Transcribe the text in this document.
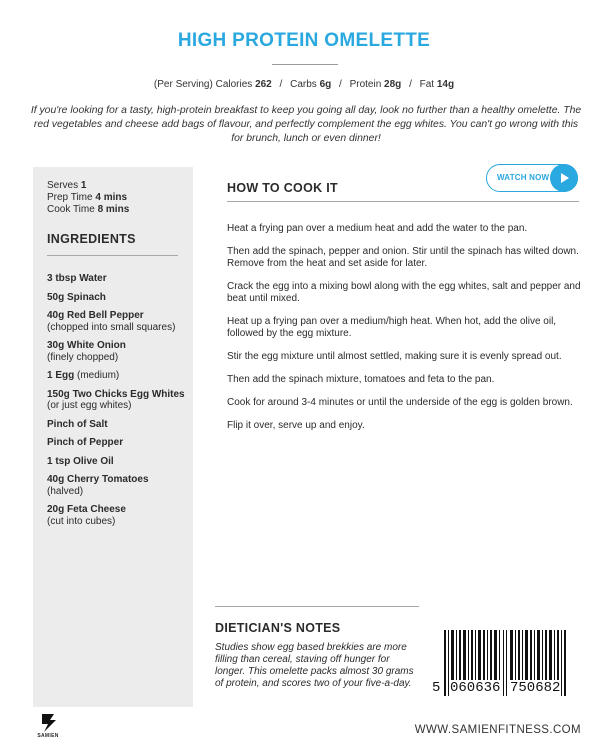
HIGH PROTEIN OMELETTE
(Per Serving) Calories 262 / Carbs 6g / Protein 28g / Fat 14g
If you're looking for a tasty, high-protein breakfast to keep you going all day, look no further than a healthy omelette. The red vegetables and cheese add bags of flavour, and perfectly complement the egg whites. You can't go wrong with this for brunch, lunch or even dinner!
Serves 1
Prep Time 4 mins
Cook Time 8 mins
INGREDIENTS
3 tbsp Water
50g Spinach
40g Red Bell Pepper
(chopped into small squares)
30g White Onion
(finely chopped)
1 Egg (medium)
150g Two Chicks Egg Whites
(or just egg whites)
Pinch of Salt
Pinch of Pepper
1 tsp Olive Oil
40g Cherry Tomatoes
(halved)
20g Feta Cheese
(cut into cubes)
HOW TO COOK IT
WATCH NOW

Heat a frying pan over a medium heat and add the water to the pan.

Then add the spinach, pepper and onion. Stir until the spinach has wilted down. Remove from the heat and set aside for later.

Crack the egg into a mixing bowl along with the egg whites, salt and pepper and beat until mixed.

Heat up a frying pan over a medium/high heat. When hot, add the olive oil, followed by the egg mixture.

Stir the egg mixture until almost settled, making sure it is evenly spread out.

Then add the spinach mixture, tomatoes and feta to the pan.

Cook for around 3-4 minutes or until the underside of the egg is golden brown.

Flip it over, serve up and enjoy.

DIETICIAN'S NOTES
Studies show egg based brekkies are more filling than cereal, staving off hunger for longer. This omelette packs almost 30 grams of protein, and scores two of your five-a-day. 5 060636 750682
SAMIEN	WWW.SAMIENFITNESS.COM
